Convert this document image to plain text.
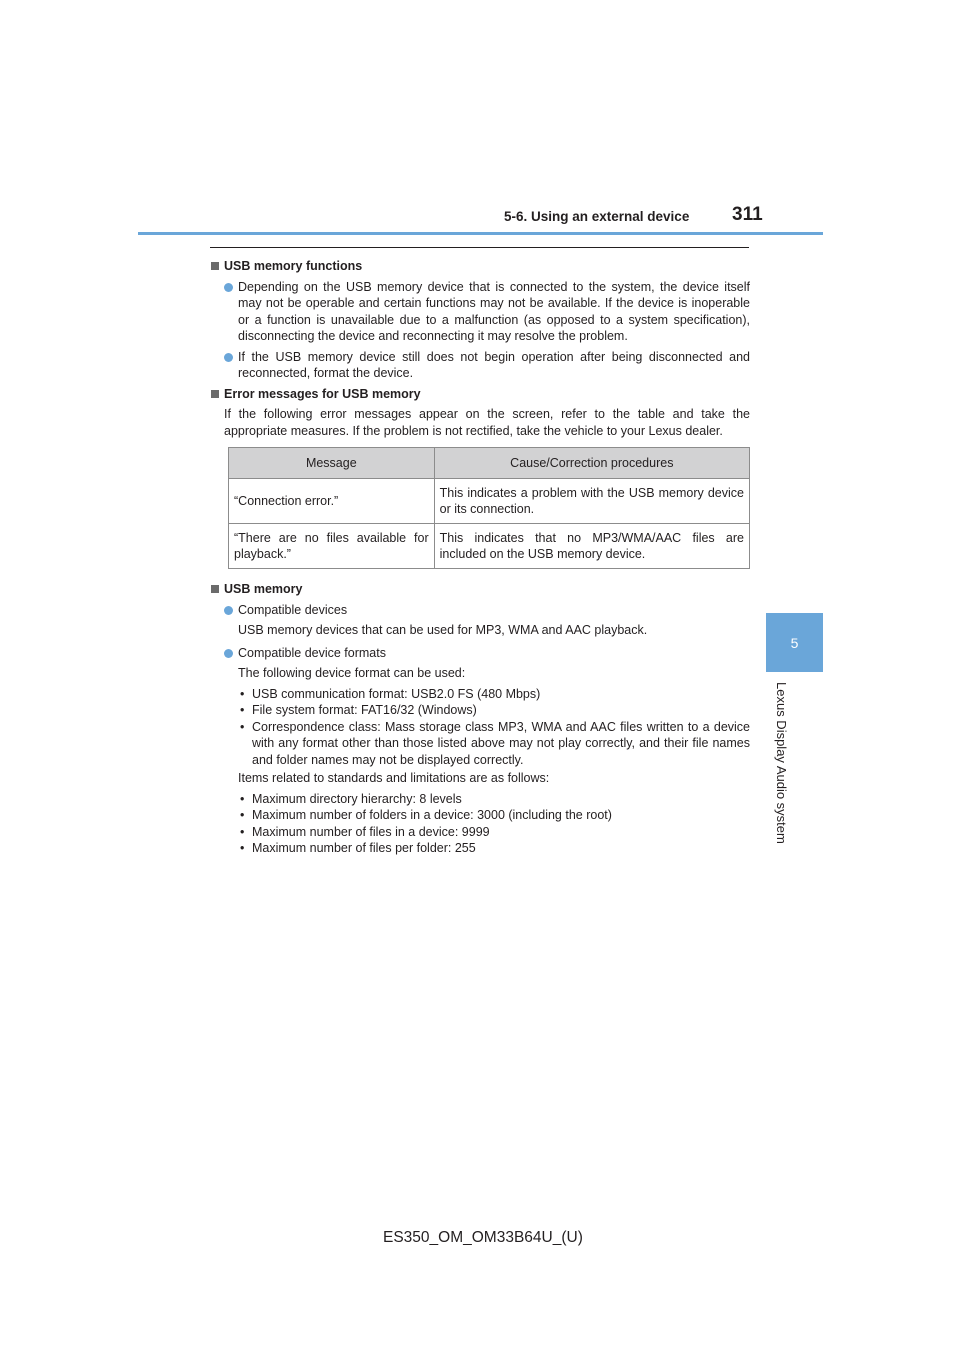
5-6. Using an external device 311
5
Lexus Display Audio system
USB memory functions
Depending on the USB memory device that is connected to the system, the device itself may not be operable and certain functions may not be available. If the device is inoperable or a function is unavailable due to a malfunction (as opposed to a system specification), disconnecting the device and reconnecting it may resolve the problem.
If the USB memory device still does not begin operation after being disconnected and reconnected, format the device.
Error messages for USB memory
If the following error messages appear on the screen, refer to the table and take the appropriate measures. If the problem is not rectified, take the vehicle to your Lexus dealer.
Message	Cause/Correction procedures
“Connection error.”	This indicates a problem with the USB memory device or its connection.
“There are no files available for playback.”	This indicates that no MP3/WMA/AAC files are included on the USB memory device.
USB memory
Compatible devices
USB memory devices that can be used for MP3, WMA and AAC playback.
Compatible device formats
The following device format can be used:
• USB communication format: USB2.0 FS (480 Mbps)
• File system format: FAT16/32 (Windows)
• Correspondence class: Mass storage class MP3, WMA and AAC files written to a device with any format other than those listed above may not play correctly, and their file names and folder names may not be displayed correctly.
Items related to standards and limitations are as follows:
• Maximum directory hierarchy: 8 levels
• Maximum number of folders in a device: 3000 (including the root)
• Maximum number of files in a device: 9999
• Maximum number of files per folder: 255
ES350_OM_OM33B64U_(U)
